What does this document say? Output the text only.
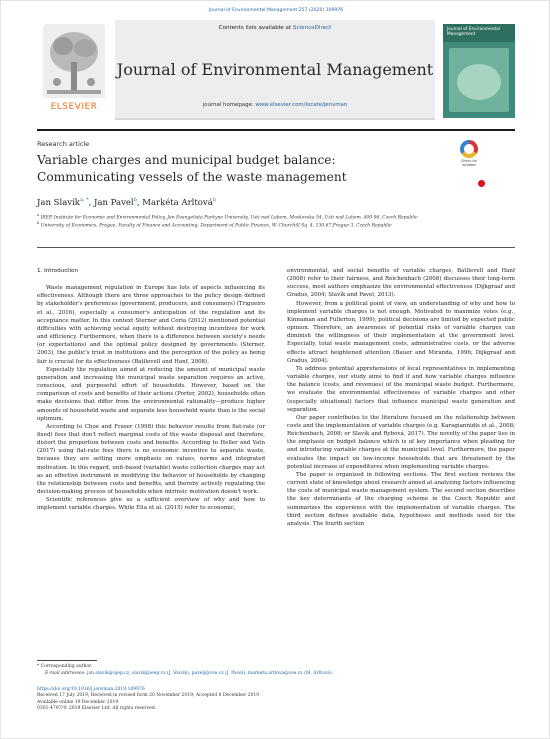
Journal of Environmental Management 257 (2020) 109976
ELSEVIER
Contents lists available at ScienceDirect
Journal of Environmental Management
journal homepage: www.elsevier.com/locate/jenvman
Journal of Environmental Management
Research article
Variable charges and municipal budget balance: Communicating vessels of the waste management
Check for updates
Jan Slavík$^{a, *}$, Jan Pavel$^b$, Markéta Arltová$^b$
$^a$ IEEP, Institute for Economic and Environmental Policy, Jan Evangelista Purkyne University, Usti nad Labem, Moskevska 54, Usti nad Labem, 400 96, Czech Republic
$^b$ University of Economics, Prague, Faculty of Finance and Accounting, Department of Public Finance, W. Churchill Sq. 4, 130 67,Prague 3, Czech Republic

1. Introduction

Waste management regulation in Europe has lots of aspects influencing its effectiveness. Although there are three approaches to the policy design defined by stakeholder's preferences (government, producers, and consumers) (Trigueiro et al., 2016), especially a consumer's anticipation of the regulation and its acceptance matter. In this context Sterner and Coria (2012) mentioned potential difficulties with achieving social equity without destroying incentives for work and efficiency. Furthermore, when there is a difference between society's needs (or expectations) and the optimal policy designed by governments (Sterner, 2003), the public's trust in institutions and the perception of the policy as being fair is crucial for its effectiveness (Batllevell and Hanf, 2008).

Especially the regulation aimed at reducing the amount of municipal waste generation and increasing the municipal waste separation requires an active, conscious, and purposeful effort of households. However, based on the comparison of costs and benefits of their actions (Porter, 2002), households often make decisions that differ from the environmental rationality—produce higher amounts of household waste and separate less household waste than is the social optimum.

According to Choe and Fraser (1998) this behavior results from flat-rate (or fixed) fees that don't reflect marginal costs of the waste disposal and therefore, distort the proportion between costs and benefits. According to Heller and Vatn (2017) using flat-rate fees there is no economic incentive to separate waste, because they are setting more emphasis on values, norms and integrated motivation. In this regard, unit-based (variable) waste collection charges may act as an effective instrument in modifying the behavior of households by changing the relationship between costs and benefits, and thereby actively regulating the decision-making process of households when intrinsic motivation doesn't work.

Scientific references give us a sufficient overview of why and how to implement variable charges. While Elia et al. (2015) refer to economic,

environmental, and social benefits of variable charges, Batllevell and Hanf (2008) refer to their fairness, and Reichenbach (2008) discusses their long-term success, most authors emphasize the environmental effectiveness (Dijkgraaf and Gradus, 2004; Slavík and Pavel, 2013).

However, from a political point of view, an understanding of why and how to implement variable charges is not enough. Motivated to maximize votes (e.g., Kinnaman and Fullerton, 1999), political decisions are limited by expected public opinion. Therefore, an awareness of potential risks of variable charges can diminish the willingness of their implementation at the government level. Especially, total waste management costs, administrative costs, or the adverse effects attract heightened attention (Bauer and Miranda, 1996; Dijkgraaf and Gradus, 2004).

To address potential apprehensions of local representatives in implementing variable charges, our study aims to find if and how variable charges influence the balance (costs, and revenues) of the municipal waste budget. Furthermore, we evaluate the environmental effectiveness of variable charges and other (especially situational) factors that influence municipal waste generation and separation.

Our paper contributes to the literature focused on the relationship between costs and the implementation of variable charges (e.g. Karagiannidis et al., 2008; Reichenbach, 2008; or Slavík and Rybová, 2017). The novelty of the paper lies in the emphasis on budget balance which is of key importance when pleading for and introducing variable charges at the municipal level. Furthermore, the paper evaluates the impact on low-income households that are threatened by the potential increase of expenditures when implementing variable charges.

The paper is organized in following sections. The first section reviews the current state of knowledge about research aimed at analyzing factors influencing the costs of municipal waste management system. The second section describes the key determinants of the charging scheme in the Czech Republic and summarizes the experience with the implementation of variable charges. The third section defines available data, hypotheses and methods used for the analysis. The fourth section

* Corresponding author.
E-mail addresses: jan.slavik@ujep.cz, slavik@ieep.cz (J. Slavík), pavelj@vse.cz (J. Pavel), marketa.arltova@vse.cz (M. Arltová).
https://doi.org/10.1016/j.jenvman.2019.109976
Received 17 July 2019; Received in revised form 20 November 2019; Accepted 8 December 2019
Available online 19 December 2019
0301-4797/© 2019 Elsevier Ltd. All rights reserved.
